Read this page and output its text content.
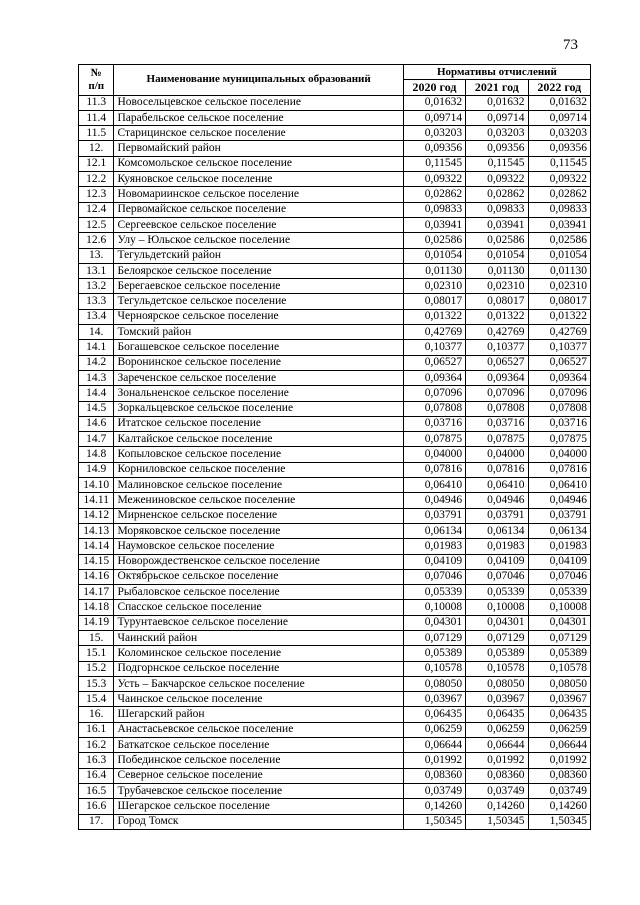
73
№
п/п	Наименование муниципальных образований	Нормативы отчислений		
		2020 год	2021 год	2022 год
11.3	Новосельцевское сельское поселение	0,01632	0,01632	0,01632
11.4	Парабельское сельское поселение	0,09714	0,09714	0,09714
11.5	Старицинское сельское поселение	0,03203	0,03203	0,03203
12.	Первомайский район	0,09356	0,09356	0,09356
12.1	Комсомольское сельское поселение	0,11545	0,11545	0,11545
12.2	Куяновское сельское поселение	0,09322	0,09322	0,09322
12.3	Новомариинское сельское поселение	0,02862	0,02862	0,02862
12.4	Первомайское сельское поселение	0,09833	0,09833	0,09833
12.5	Сергеевское сельское поселение	0,03941	0,03941	0,03941
12.6	Улу – Юльское сельское поселение	0,02586	0,02586	0,02586
13.	Тегульдетский район	0,01054	0,01054	0,01054
13.1	Белоярское сельское поселение	0,01130	0,01130	0,01130
13.2	Берегаевское сельское поселение	0,02310	0,02310	0,02310
13.3	Тегульдетское сельское поселение	0,08017	0,08017	0,08017
13.4	Черноярское сельское поселение	0,01322	0,01322	0,01322
14.	Томский район	0,42769	0,42769	0,42769
14.1	Богашевское сельское поселение	0,10377	0,10377	0,10377
14.2	Воронинское сельское поселение	0,06527	0,06527	0,06527
14.3	Зареченское сельское поселение	0,09364	0,09364	0,09364
14.4	Зональненское сельское поселение	0,07096	0,07096	0,07096
14.5	Зоркальцевское сельское поселение	0,07808	0,07808	0,07808
14.6	Итатское сельское поселение	0,03716	0,03716	0,03716
14.7	Калтайское сельское поселение	0,07875	0,07875	0,07875
14.8	Копыловское сельское поселение	0,04000	0,04000	0,04000
14.9	Корниловское сельское поселение	0,07816	0,07816	0,07816
14.10	Малиновское сельское поселение	0,06410	0,06410	0,06410
14.11	Межениновское сельское поселение	0,04946	0,04946	0,04946
14.12	Мирненское сельское поселение	0,03791	0,03791	0,03791
14.13	Моряковское сельское поселение	0,06134	0,06134	0,06134
14.14	Наумовское сельское поселение	0,01983	0,01983	0,01983
14.15	Новорождественское сельское поселение	0,04109	0,04109	0,04109
14.16	Октябрьское сельское поселение	0,07046	0,07046	0,07046
14.17	Рыбаловское сельское поселение	0,05339	0,05339	0,05339
14.18	Спасское сельское поселение	0,10008	0,10008	0,10008
14.19	Турунтаевское сельское поселение	0,04301	0,04301	0,04301
15.	Чаинский район	0,07129	0,07129	0,07129
15.1	Коломинское сельское поселение	0,05389	0,05389	0,05389
15.2	Подгорнское сельское поселение	0,10578	0,10578	0,10578
15.3	Усть – Бакчарское сельское поселение	0,08050	0,08050	0,08050
15.4	Чаинское сельское поселение	0,03967	0,03967	0,03967
16.	Шегарский район	0,06435	0,06435	0,06435
16.1	Анастасьевское сельское поселение	0,06259	0,06259	0,06259
16.2	Баткатское сельское поселение	0,06644	0,06644	0,06644
16.3	Побединское сельское поселение	0,01992	0,01992	0,01992
16.4	Северное сельское поселение	0,08360	0,08360	0,08360
16.5	Трубачевское сельское поселение	0,03749	0,03749	0,03749
16.6	Шегарское сельское поселение	0,14260	0,14260	0,14260
17.	Город Томск	1,50345	1,50345	1,50345
